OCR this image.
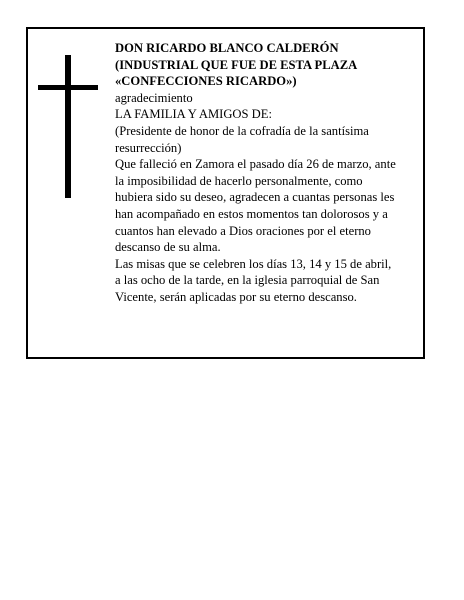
DON RICARDO BLANCO CALDERÓN
(INDUSTRIAL QUE FUE DE ESTA PLAZA
«CONFECCIONES RICARDO»)
agradecimiento
LA FAMILIA Y AMIGOS DE:
(Presidente de honor de la cofradía de la santísima
resurrección)
Que falleció en Zamora el pasado día 26 de marzo, ante
la imposibilidad de hacerlo personalmente, como
hubiera sido su deseo, agradecen a cuantas personas les
han acompañado en estos momentos tan dolorosos y a
cuantos han elevado a Dios oraciones por el eterno
descanso de su alma.
Las misas que se celebren los días 13, 14 y 15 de abril,
a las ocho de la tarde, en la iglesia parroquial de San
Vicente, serán aplicadas por su eterno descanso.
